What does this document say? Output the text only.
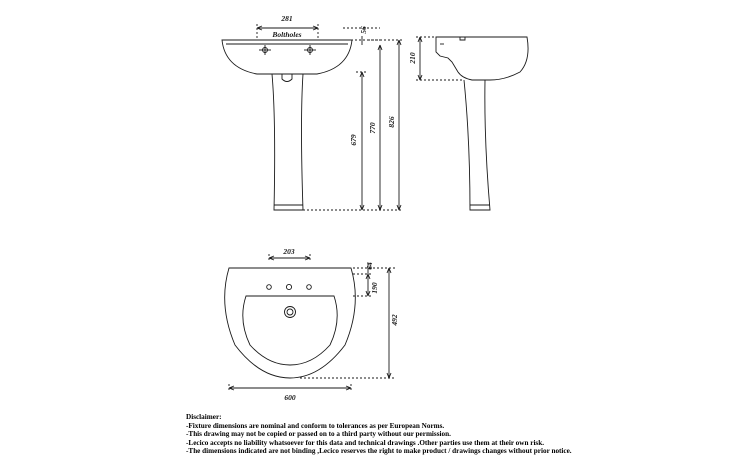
281
Boltholes	56
679
770
826
210
203
64
190
492
600
Disclaimer:
-Fixture dimensions are nominal and conform to tolerances as per European Norms.
-This drawing may not be copied or passed on to a third party without our permission.
-Lecico accepts no liability whatsoever for this data and technical drawings .Other parties use them at their own risk.
-The dimensions indicated are not binding ,Lecico reserves the right to make product / drawings changes without prior notice.
